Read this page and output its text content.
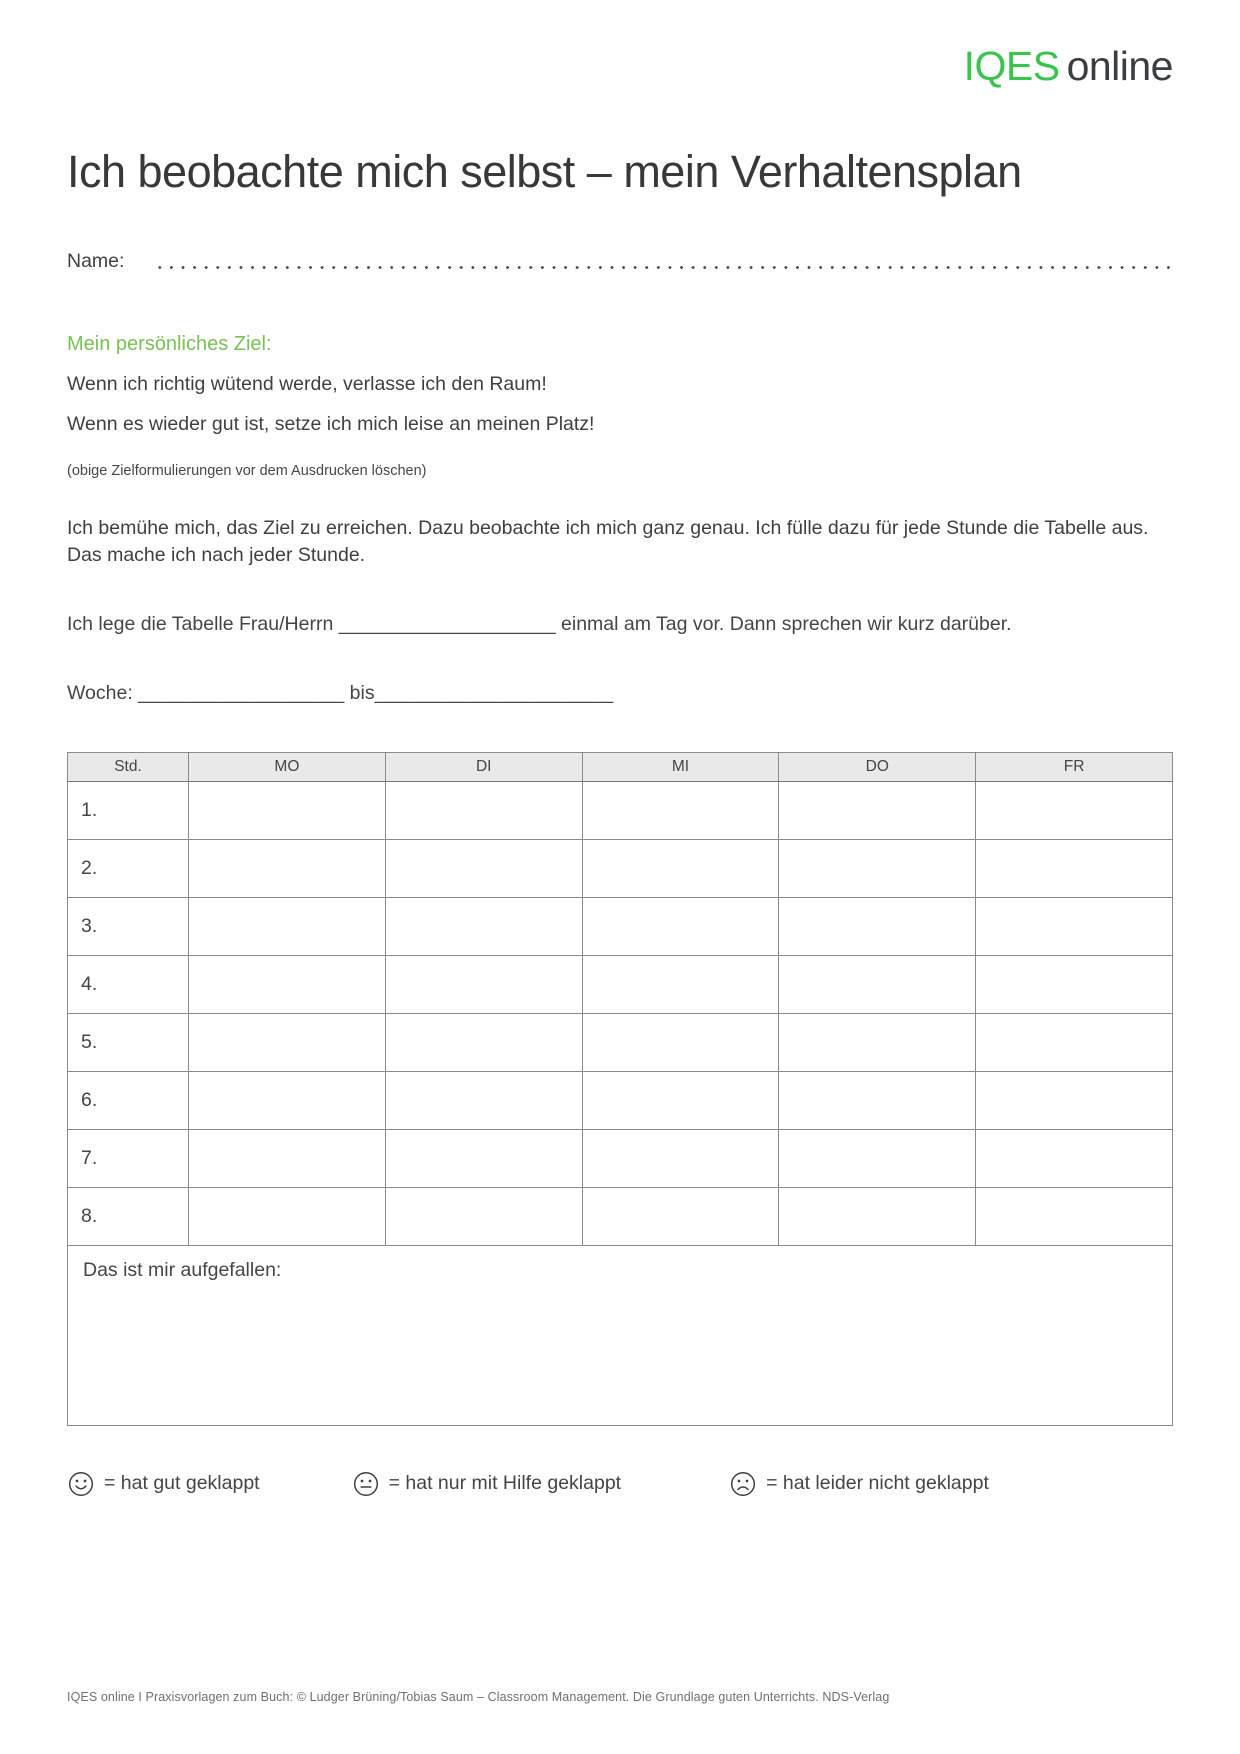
IQES online
Ich beobachte mich selbst – mein Verhaltensplan
Name:
Mein persönliches Ziel:
Wenn ich richtig wütend werde, verlasse ich den Raum!
Wenn es wieder gut ist, setze ich mich leise an meinen Platz!
(obige Zielformulierungen vor dem Ausdrucken löschen)
Ich bemühe mich, das Ziel zu erreichen. Dazu beobachte ich mich ganz genau. Ich fülle dazu für jede Stunde die Tabelle aus. Das mache ich nach jeder Stunde.
Ich lege die Tabelle Frau/Herrn ____________________ einmal am Tag vor. Dann sprechen wir kurz darüber.
Woche: ___________________ bis______________________
Std.	MO	DI	MI	DO	FR
1.					
2.					
3.					
4.					
5.					
6.					
7.					
8.					
Das ist mir aufgefallen:
= hat gut geklappt	= hat nur mit Hilfe geklappt	= hat leider nicht geklappt
IQES online I Praxisvorlagen zum Buch: © Ludger Brüning/Tobias Saum – Classroom Management. Die Grundlage guten Unterrichts. NDS-Verlag
